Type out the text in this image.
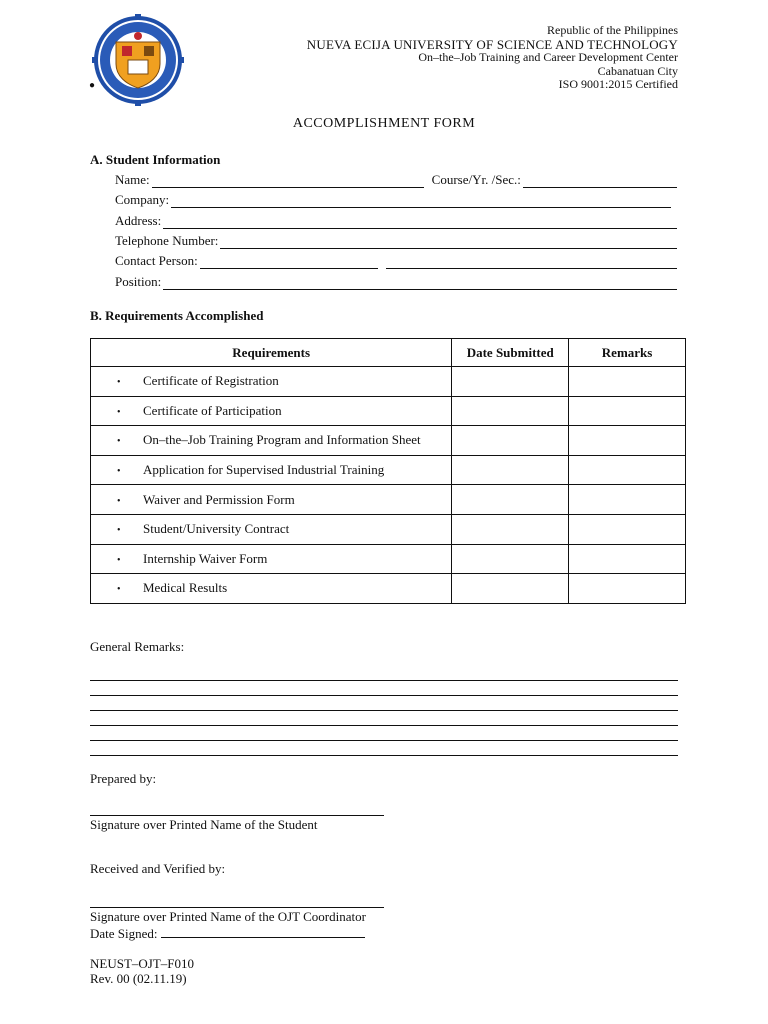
Republic of the Philippines
NUEVA ECIJA UNIVERSITY OF SCIENCE AND TECHNOLOGY
On–the–Job Training and Career Development Center
Cabanatuan City
ISO 9001:2015 Certified
●
ACCOMPLISHMENT FORM
A. Student Information
Name:	Course/Yr. /Sec.:
Company:
Address:
Telephone Number:
Contact Person:
Position:
B. Requirements Accomplished
Requirements	Date Submitted	Remarks
• Certificate of Registration		
• Certificate of Participation		
• On–the–Job Training Program and Information Sheet		
• Application for Supervised Industrial Training		
• Waiver and Permission Form		
• Student/University Contract		
• Internship Waiver Form		
• Medical Results		
General Remarks:
Prepared by:
Signature over Printed Name of the Student
Received and Verified by:
Signature over Printed Name of the OJT Coordinator
Date Signed:
NEUST–OJT–F010
Rev. 00 (02.11.19)
